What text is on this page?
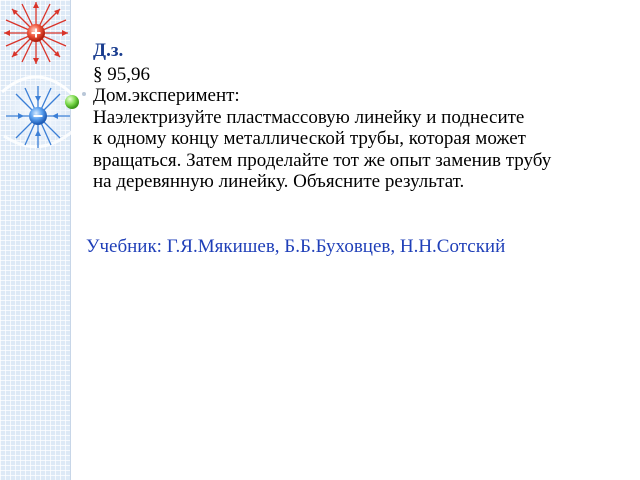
Д.з.
§ 95,96
Дом.эксперимент:
Наэлектризуйте пластмассовую линейку и поднесите
к одному концу металлической трубы, которая может
вращаться. Затем проделайте тот же опыт заменив трубу
на деревянную линейку. Объясните результат.
Учебник: Г.Я.Мякишев, Б.Б.Буховцев, Н.Н.Сотский
